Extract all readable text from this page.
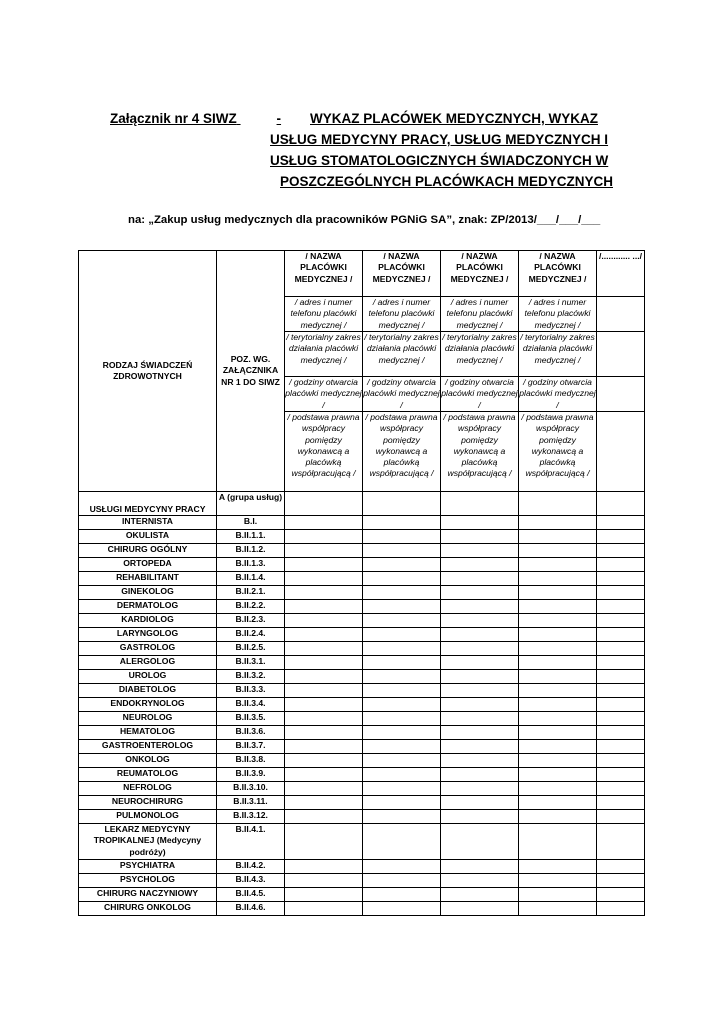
Załącznik nr 4 SIWZ	-	WYKAZ PLACÓWEK MEDYCZNYCH, WYKAZ
USŁUG MEDYCYNY PRACY, USŁUG MEDYCZNYCH I
USŁUG STOMATOLOGICZNYCH ŚWIADCZONYCH W
POSZCZEGÓLNYCH PLACÓWKACH MEDYCZNYCH
na: „Zakup usług medycznych dla pracowników PGNiG SA”, znak: ZP/2013/___/___/___
RODZAJ ŚWIADCZEŃ ZDROWOTNYCH	POZ. WG. ZAŁĄCZNIKA NR 1 DO SIWZ	/ NAZWA PLACÓWKI MEDYCZNEJ /	/ NAZWA PLACÓWKI MEDYCZNEJ /	/ NAZWA PLACÓWKI MEDYCZNEJ /	/ NAZWA PLACÓWKI MEDYCZNEJ /	/............ .../
		/ adres i numer telefonu placówki medycznej /	/ adres i numer telefonu placówki medycznej /	/ adres i numer telefonu placówki medycznej /	/ adres i numer telefonu placówki medycznej /	
		/ terytorialny zakres działania placówki medycznej /	/ terytorialny zakres działania placówki medycznej /	/ terytorialny zakres działania placówki medycznej /	/ terytorialny zakres działania placówki medycznej /	
		/ godziny otwarcia placówki medycznej /	/ godziny otwarcia placówki medycznej /	/ godziny otwarcia placówki medycznej /	/ godziny otwarcia placówki medycznej /	
		/ podstawa prawna współpracy pomiędzy wykonawcą a placówką współpracującą /	/ podstawa prawna współpracy pomiędzy wykonawcą a placówką współpracującą /	/ podstawa prawna współpracy pomiędzy wykonawcą a placówką współpracującą /	/ podstawa prawna współpracy pomiędzy wykonawcą a placówką współpracującą /	
USŁUGI MEDYCYNY PRACY	A (grupa usług)					
INTERNISTA	B.I.					
OKULISTA	B.II.1.1.					
CHIRURG OGÓLNY	B.II.1.2.					
ORTOPEDA	B.II.1.3.					
REHABILITANT	B.II.1.4.					
GINEKOLOG	B.II.2.1.					
DERMATOLOG	B.II.2.2.					
KARDIOLOG	B.II.2.3.					
LARYNGOLOG	B.II.2.4.					
GASTROLOG	B.II.2.5.					
ALERGOLOG	B.II.3.1.					
UROLOG	B.II.3.2.					
DIABETOLOG	B.II.3.3.					
ENDOKRYNOLOG	B.II.3.4.					
NEUROLOG	B.II.3.5.					
HEMATOLOG	B.II.3.6.					
GASTROENTEROLOG	B.II.3.7.					
ONKOLOG	B.II.3.8.					
REUMATOLOG	B.II.3.9.					
NEFROLOG	B.II.3.10.					
NEUROCHIRURG	B.II.3.11.					
PULMONOLOG	B.II.3.12.					
LEKARZ MEDYCYNY TROPIKALNEJ (Medycyny podróży)	B.II.4.1.					
PSYCHIATRA	B.II.4.2.					
PSYCHOLOG	B.II.4.3.					
CHIRURG NACZYNIOWY	B.II.4.5.					
CHIRURG ONKOLOG	B.II.4.6.					
